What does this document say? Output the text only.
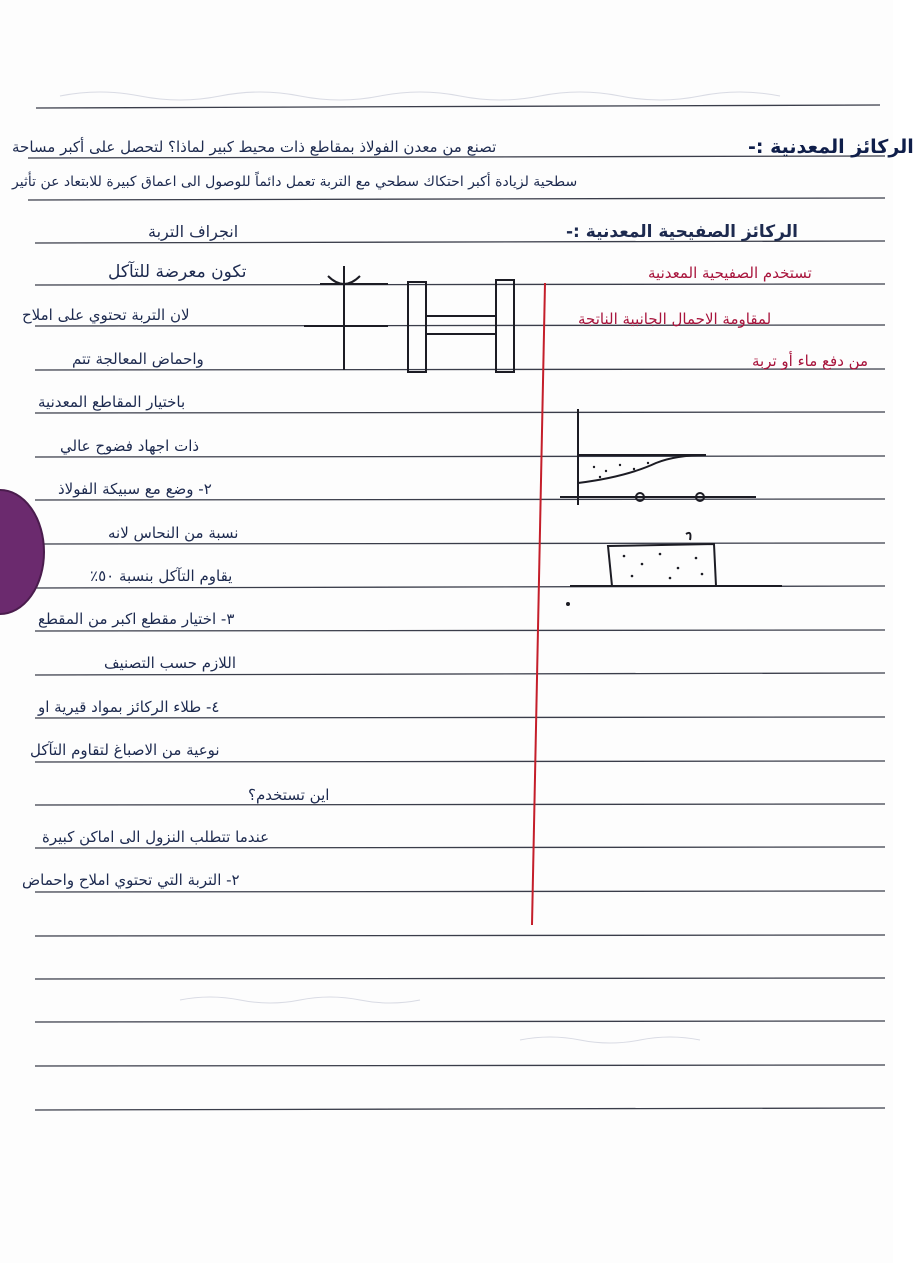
الركائز المعدنية :-
تصنع من معدن الفولاذ بمقاطع ذات محيط كبير لماذا؟ لتحصل على أكبر مساحة
سطحية لزيادة أكبر احتكاك سطحي مع التربة تعمل دائماً للوصول الى اعماق كبيرة للابتعاد عن تأثير
الركائز الصفيحية المعدنية :-
انجراف التربة
تكون معرضة للتآكل
لان التربة تحتوي على املاح
واحماض المعالجة تتم
باختيار المقاطع المعدنية
ذات اجهاد فضوح عالي
٢- وضع مع سبيكة الفولاذ
نسبة من النحاس لانه
يقاوم التآكل بنسبة ٥٠٪
٣- اختيار مقطع اكبر من المقطع
اللازم حسب التصنيف
٤- طلاء الركائز بمواد قيرية او
نوعية من الاصباغ لتقاوم التآكل
اين تستخدم؟
عندما تتطلب النزول الى اماكن كبيرة
٢- التربة التي تحتوي املاح واحماض
تستخدم الصفيحية المعدنية
لمقاومة الاحمال الجانبية الناتجة
من دفع ماء أو تربة
